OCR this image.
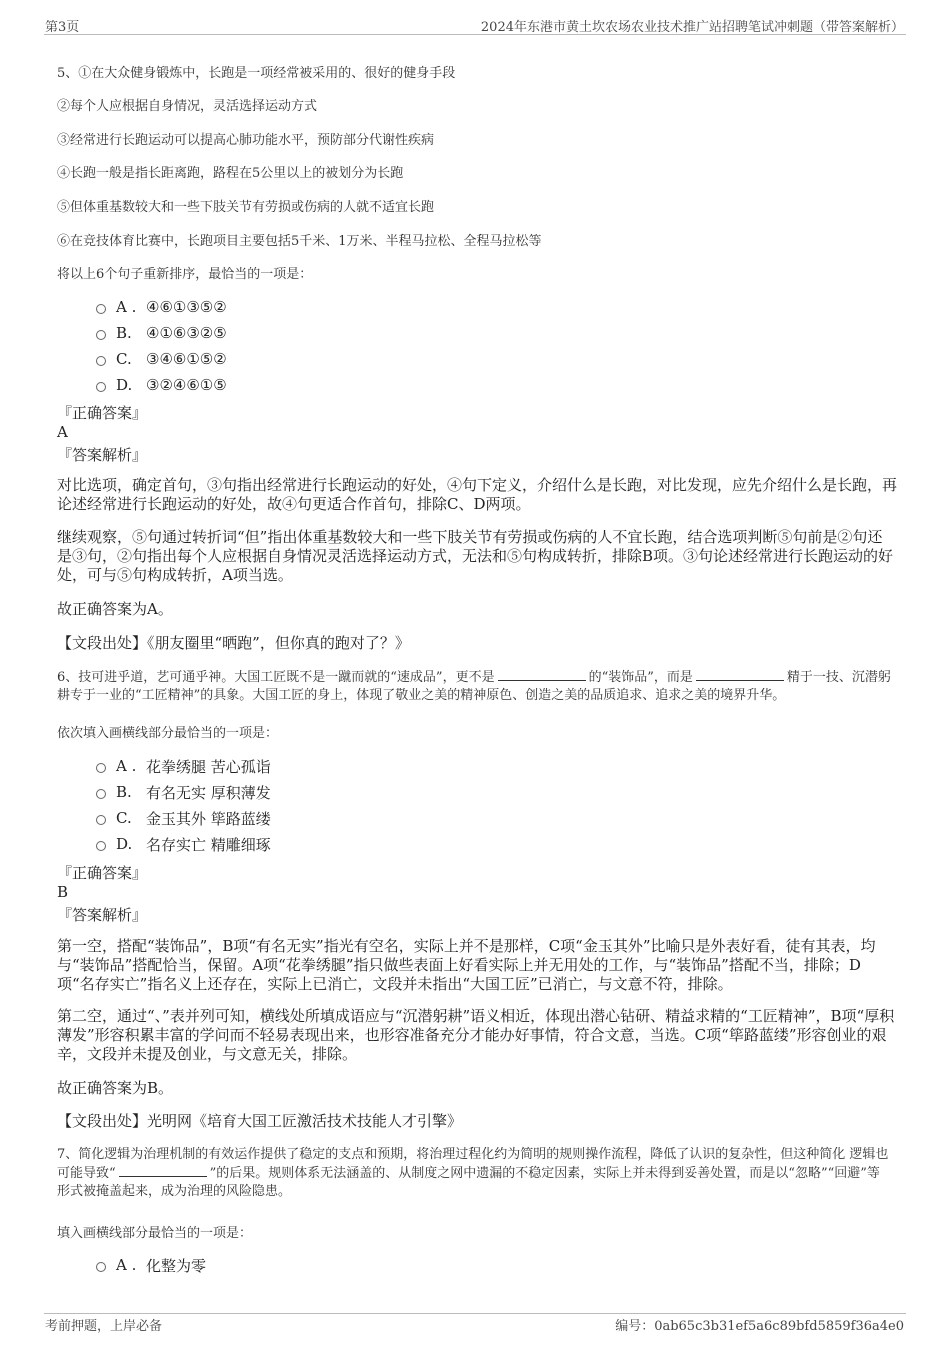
第3页	2024年东港市黄土坎农场农业技术推广站招聘笔试冲刺题（带答案解析）
5、①在大众健身锻炼中，长跑是一项经常被采用的、很好的健身手段
②每个人应根据自身情况，灵活选择运动方式
③经常进行长跑运动可以提高心肺功能水平，预防部分代谢性疾病
④长跑一般是指长距离跑，路程在5公里以上的被划分为长跑
⑤但体重基数较大和一些下肢关节有劳损或伤病的人就不适宜长跑
⑥在竞技体育比赛中，长跑项目主要包括5千米、1万米、半程马拉松、全程马拉松等
将以上6个句子重新排序，最恰当的一项是：
A . ④⑥①③⑤②
B. ④①⑥③②⑤
C. ③④⑥①⑤②
D. ③②④⑥①⑤
『正确答案』
A
『答案解析』
对比选项，确定首句，③句指出经常进行长跑运动的好处，④句下定义，介绍什么是长跑，对比发现，应先介绍什么是长跑，再论述经常进行长跑运动的好处，故④句更适合作首句，排除C、D两项。
继续观察，⑤句通过转折词“但”指出体重基数较大和一些下肢关节有劳损或伤病的人不宜长跑，结合选项判断⑤句前是②句还是③句，②句指出每个人应根据自身情况灵活选择运动方式，无法和⑤句构成转折，排除B项。③句论述经常进行长跑运动的好处，可与⑤句构成转折，A项当选。
故正确答案为A。
【文段出处】《朋友圈里“晒跑”，但你真的跑对了？》
6、技可进乎道，艺可通乎神。大国工匠既不是一蹴而就的“速成品”，更不是	的“装饰品”，而是	精于一技、沉潜躬耕专于一业的“工匠精神”的具象。大国工匠的身上，体现了敬业之美的精神原色、创造之美的品质追求、追求之美的境界升华。
依次填入画横线部分最恰当的一项是：
A . 花拳绣腿 苦心孤诣
B. 有名无实 厚积薄发
C. 金玉其外 筚路蓝缕
D. 名存实亡 精雕细琢
『正确答案』
B
『答案解析』
第一空，搭配“装饰品”，B项“有名无实”指光有空名，实际上并不是那样，C项“金玉其外”比喻只是外表好看，徒有其表，均与“装饰品”搭配恰当，保留。A项“花拳绣腿”指只做些表面上好看实际上并无用处的工作，与“装饰品”搭配不当，排除；D项“名存实亡”指名义上还存在，实际上已消亡，文段并未指出“大国工匠”已消亡，与文意不符，排除。
第二空，通过“、”表并列可知，横线处所填成语应与“沉潜躬耕”语义相近，体现出潜心钻研、精益求精的“工匠精神”，B项“厚积薄发”形容积累丰富的学问而不轻易表现出来，也形容准备充分才能办好事情，符合文意，当选。C项“筚路蓝缕”形容创业的艰辛，文段并未提及创业，与文意无关，排除。
故正确答案为B。
【文段出处】光明网《培育大国工匠激活技术技能人才引擎》
7、简化逻辑为治理机制的有效运作提供了稳定的支点和预期，将治理过程化约为简明的规则操作流程，降低了认识的复杂性，但这种简化 逻辑也可能导致“	”的后果。规则体系无法涵盖的、从制度之网中遗漏的不稳定因素，实际上并未得到妥善处置，而是以“忽略”“回避”等形式被掩盖起来，成为治理的风险隐患。
填入画横线部分最恰当的一项是：
A . 化整为零
考前押题，上岸必备	编号：0ab65c3b31ef5a6c89bfd5859f36a4e0
